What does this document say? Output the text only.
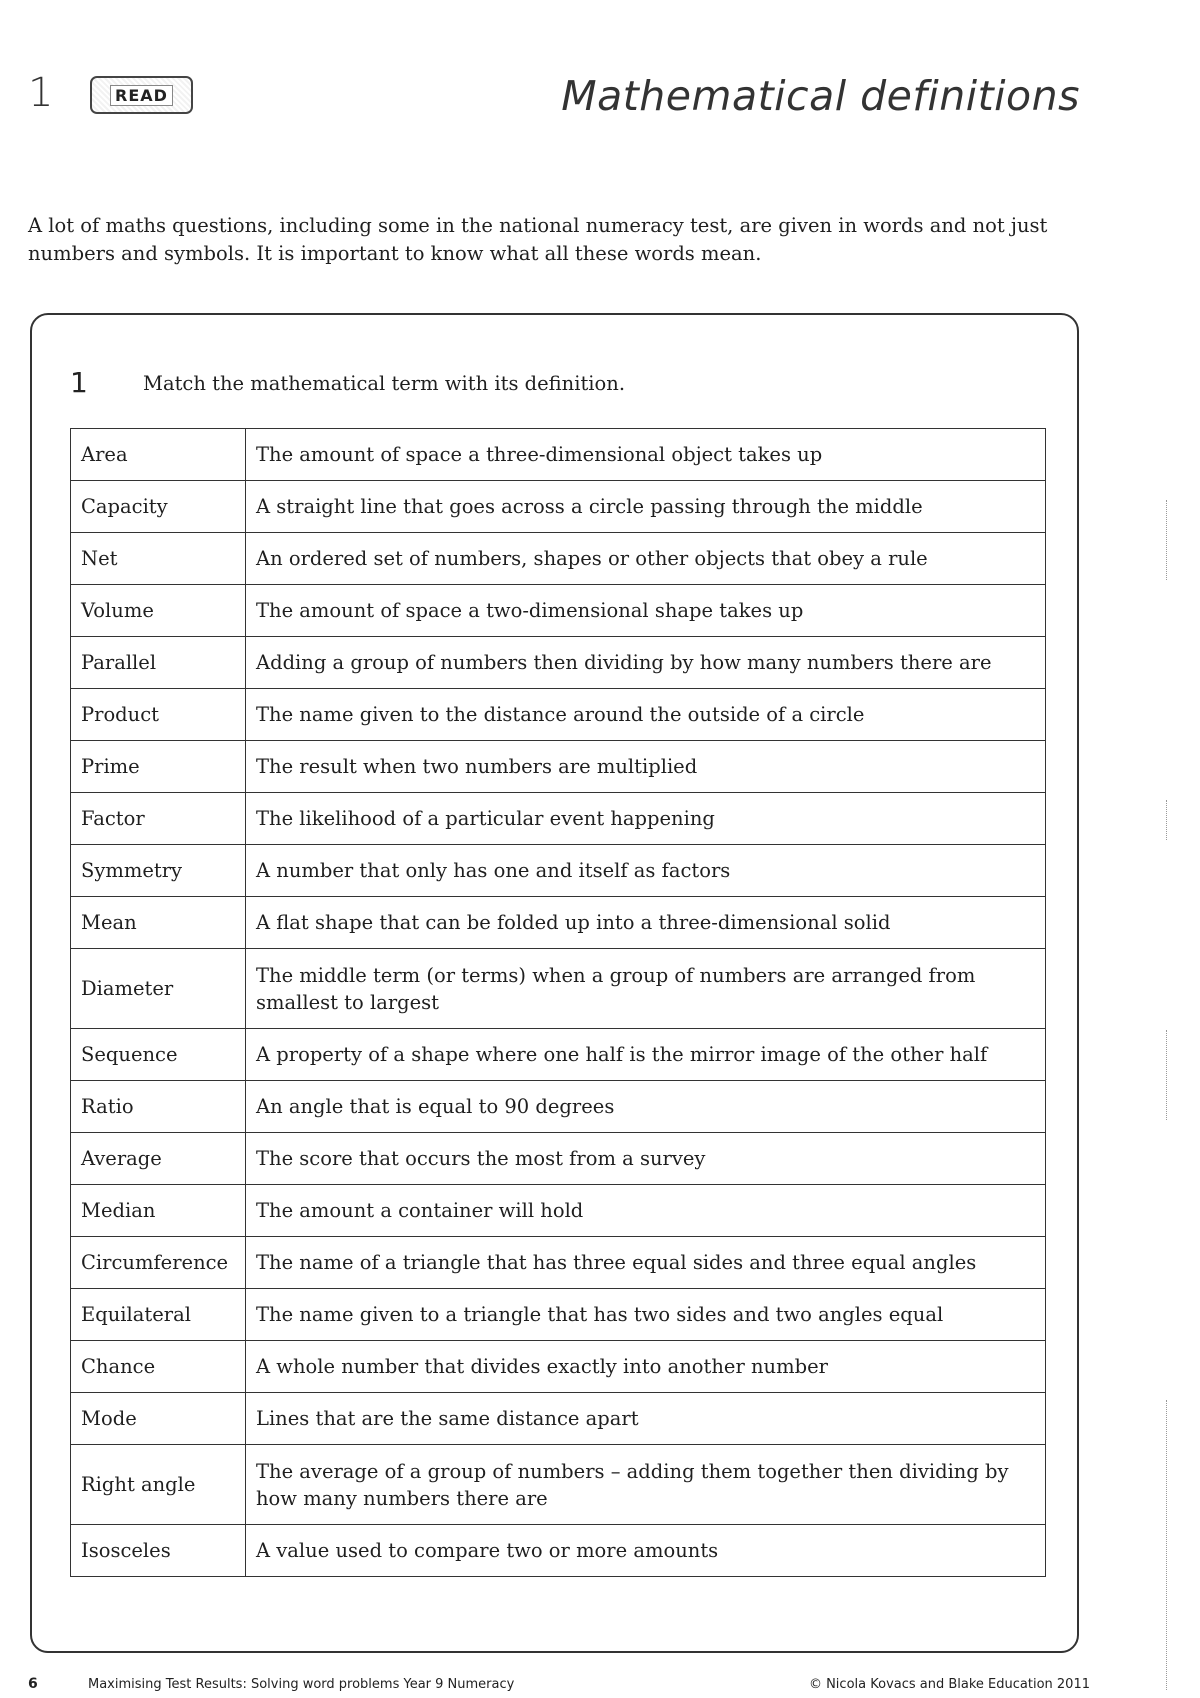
1	READ	Mathematical definitions

A lot of maths questions, including some in the national numeracy test, are given in words and not just numbers and symbols. It is important to know what all these words mean.

1	Match the mathematical term with its definition.
Area	The amount of space a three-dimensional object takes up
Capacity	A straight line that goes across a circle passing through the middle
Net	An ordered set of numbers, shapes or other objects that obey a rule
Volume	The amount of space a two-dimensional shape takes up
Parallel	Adding a group of numbers then dividing by how many numbers there are
Product	The name given to the distance around the outside of a circle
Prime	The result when two numbers are multiplied
Factor	The likelihood of a particular event happening
Symmetry	A number that only has one and itself as factors
Mean	A flat shape that can be folded up into a three-dimensional solid
Diameter	The middle term (or terms) when a group of numbers are arranged from smallest to largest
Sequence	A property of a shape where one half is the mirror image of the other half
Ratio	An angle that is equal to 90 degrees
Average	The score that occurs the most from a survey
Median	The amount a container will hold
Circumference	The name of a triangle that has three equal sides and three equal angles
Equilateral	The name given to a triangle that has two sides and two angles equal
Chance	A whole number that divides exactly into another number
Mode	Lines that are the same distance apart
Right angle	The average of a group of numbers – adding them together then dividing by how many numbers there are
Isosceles	A value used to compare two or more amounts
6	Maximising Test Results: Solving word problems Year 9 Numeracy	© Nicola Kovacs and Blake Education 2011
